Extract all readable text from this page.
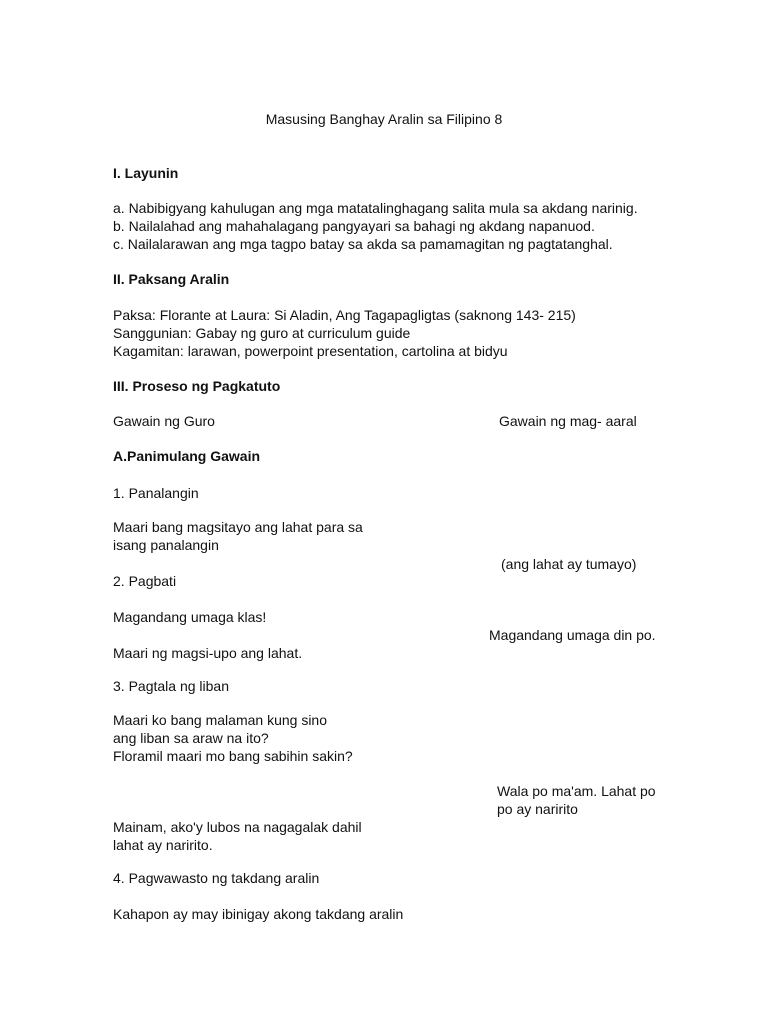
Masusing Banghay Aralin sa Filipino 8
I. Layunin
a. Nabibigyang kahulugan ang mga matatalinghagang salita mula sa akdang narinig.
b. Nailalahad ang mahahalagang pangyayari sa bahagi ng akdang napanuod.
c. Nailalarawan ang mga tagpo batay sa akda sa pamamagitan ng pagtatanghal.
II. Paksang Aralin
Paksa: Florante at Laura: Si Aladin, Ang Tagapagligtas (saknong 143- 215)
Sanggunian: Gabay ng guro at curriculum guide
Kagamitan: larawan, powerpoint presentation, cartolina at bidyu
III. Proseso ng Pagkatuto
Gawain ng Guro	Gawain ng mag- aaral
A.Panimulang Gawain
1. Panalangin
Maari bang magsitayo ang lahat para sa
isang panalangin
(ang lahat ay tumayo)
2. Pagbati
Magandang umaga klas!
Magandang umaga din po.
Maari ng magsi-upo ang lahat.
3. Pagtala ng liban
Maari ko bang malaman kung sino
ang liban sa araw na ito?
Floramil maari mo bang sabihin sakin?
Wala po ma'am. Lahat po
po ay naririto
Mainam, ako'y lubos na nagagalak dahil
lahat ay naririto.
4. Pagwawasto ng takdang aralin
Kahapon ay may ibinigay akong takdang aralin
